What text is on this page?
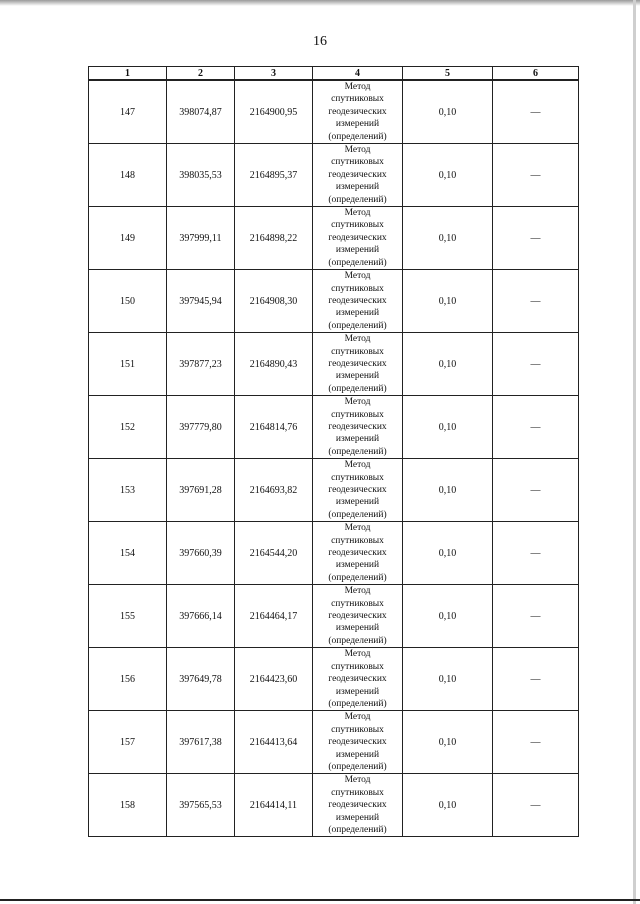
16
1	2	3	4	5	6
147	398074,87	2164900,95	Метод
спутниковых
геодезических
измерений
(определений)	0,10	—
148	398035,53	2164895,37	Метод
спутниковых
геодезических
измерений
(определений)	0,10	—
149	397999,11	2164898,22	Метод
спутниковых
геодезических
измерений
(определений)	0,10	—
150	397945,94	2164908,30	Метод
спутниковых
геодезических
измерений
(определений)	0,10	—
151	397877,23	2164890,43	Метод
спутниковых
геодезических
измерений
(определений)	0,10	—
152	397779,80	2164814,76	Метод
спутниковых
геодезических
измерений
(определений)	0,10	—
153	397691,28	2164693,82	Метод
спутниковых
геодезических
измерений
(определений)	0,10	—
154	397660,39	2164544,20	Метод
спутниковых
геодезических
измерений
(определений)	0,10	—
155	397666,14	2164464,17	Метод
спутниковых
геодезических
измерений
(определений)	0,10	—
156	397649,78	2164423,60	Метод
спутниковых
геодезических
измерений
(определений)	0,10	—
157	397617,38	2164413,64	Метод
спутниковых
геодезических
измерений
(определений)	0,10	—
158	397565,53	2164414,11	Метод
спутниковых
геодезических
измерений
(определений)	0,10	—
